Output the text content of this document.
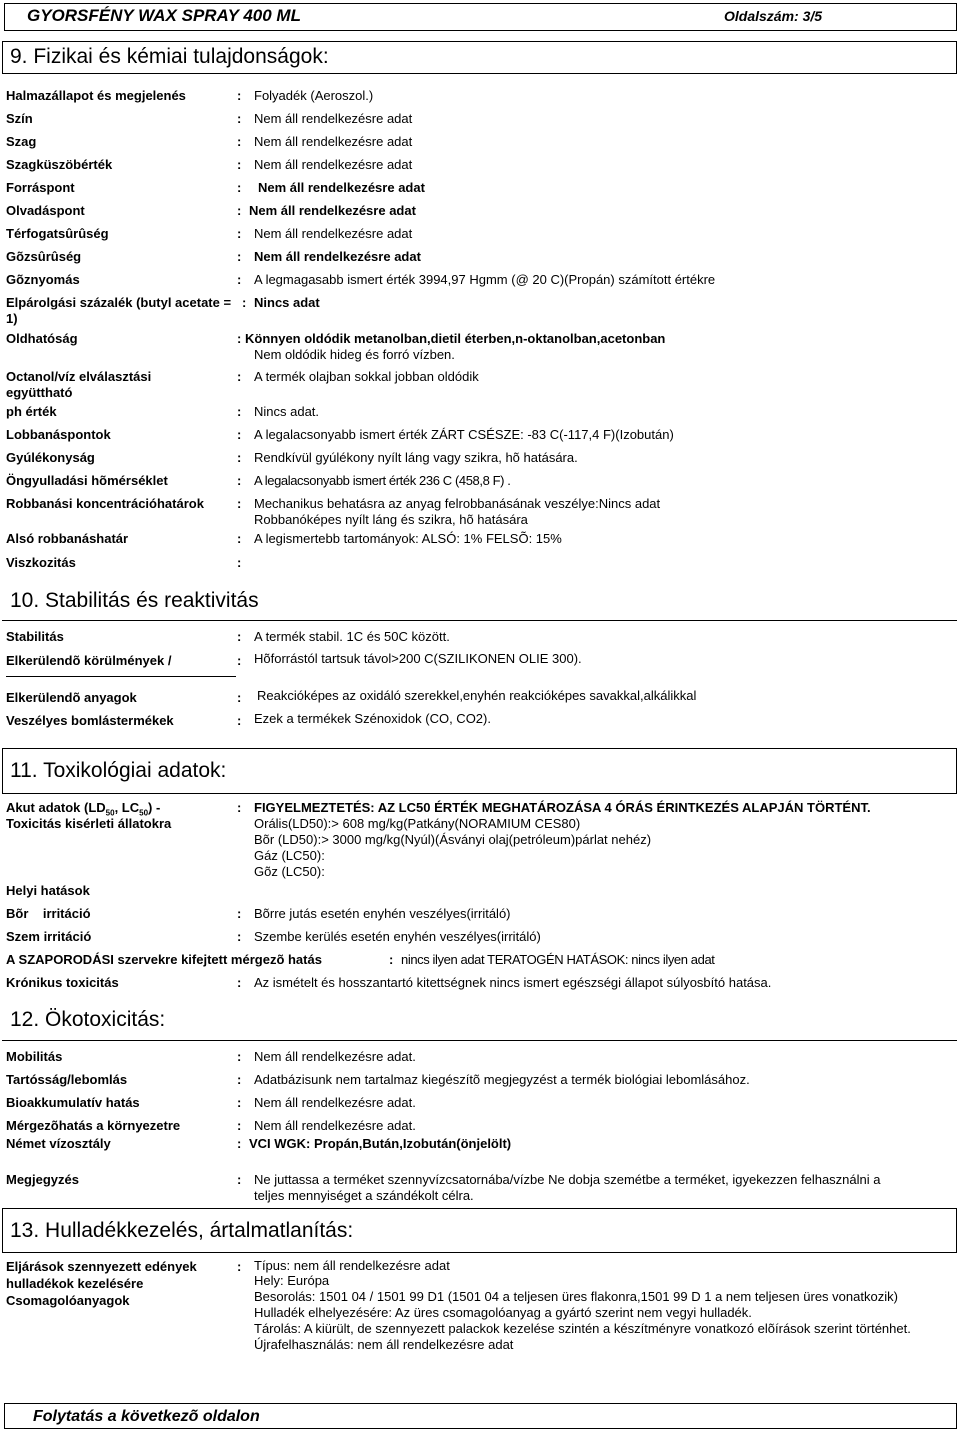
GYORSFÉNY WAX SPRAY 400 ML	Oldalszám: 3/5
9. Fizikai és kémiai tulajdonságok:
Halmazállapot és megjelenés	: Folyadék (Aeroszol.)
Szín	: Nem áll rendelkezésre adat
Szag	: Nem áll rendelkezésre adat
Szagküszöbérték	: Nem áll rendelkezésre adat
Forráspont	: Nem áll rendelkezésre adat
Olvadáspont	: Nem áll rendelkezésre adat
Térfogatsûrûség	: Nem áll rendelkezésre adat
Gõzsûrûség	: Nem áll rendelkezésre adat
Gõznyomás	: A legmagasabb ismert érték 3994,97 Hgmm (@ 20 C)(Propán) számított értékre
Elpárolgási százalék (butyl acetate =
1)
: Nincs adat
Oldhatóság	: Könnyen oldódik metanolban,dietil éterben,n-oktanolban,acetonban
Nem oldódik hideg és forró vízben.
Octanol/víz elválasztási
együttható
: A termék olajban sokkal jobban oldódik
ph érték	: Nincs adat.
Lobbanáspontok	: A legalacsonyabb ismert érték ZÁRT CSÉSZE: -83 C(-117,4 F)(Izobután)
Gyúlékonyság	: Rendkívül gyúlékony nyílt láng vagy szikra, hõ hatására.
Öngyulladási hõmérséklet	: A legalacsonyabb ismert érték 236 C (458,8 F) .
Robbanási koncentrációhatárok	: Mechanikus behatásra az anyag felrobbanásának veszélye:Nincs adat
Robbanóképes nyílt láng és szikra, hõ hatására
Alsó robbanáshatár	: A legismertebb tartományok: ALSÓ: 1% FELSÕ: 15%
Viszkozitás	:
10. Stabilitás és reaktivitás
Stabilitás	: A termék stabil. 1C és 50C között.
Elkerülendõ körülmények /	: Hõforrástól tartsuk távol>200 C(SZILIKONEN OLIE 300).
Elkerülendõ anyagok	: Reakcióképes az oxidáló szerekkel,enyhén reakcióképes savakkal,alkálikkal
Veszélyes bomlástermékek	: Ezek a termékek Szénoxidok (CO, CO2).
11. Toxikológiai adatok:
Akut adatok ($LD_{50}$, $LC_{50}$) -
Toxicitás kisérleti állatokra
: FIGYELMEZTETÉS: AZ LC50 ÉRTÉK MEGHATÁROZÁSA 4 ÓRÁS ÉRINTKEZÉS ALAPJÁN TÖRTÉNT.
Orális(LD50):> 608 mg/kg(Patkány(NORAMIUM CES80)
Bõr (LD50):> 3000 mg/kg(Nyúl)(Ásványi olaj(petróleum)párlat nehéz)
Gáz (LC50):
Gõz (LC50):
Helyi hatások
Bõr irritáció	: Bõrre jutás esetén enyhén veszélyes(irritáló)
Szem irritáció	: Szembe kerülés esetén enyhén veszélyes(irritáló)
A SZAPORODÁSI szervekre kifejtett mérgezõ hatás	: nincs ilyen adat TERATOGÉN HATÁSOK: nincs ilyen adat
Krónikus toxicitás	: Az ismételt és hosszantartó kitettségnek nincs ismert egészségi állapot súlyosbító hatása.
12. Ökotoxicitás:
Mobilitás	: Nem áll rendelkezésre adat.
Tartósság/lebomlás	: Adatbázisunk nem tartalmaz kiegészítõ megjegyzést a termék biológiai lebomlásához.
Bioakkumulatív hatás	: Nem áll rendelkezésre adat.
Mérgezõhatás a környezetre	: Nem áll rendelkezésre adat.
Német vízosztály	: VCI WGK: Propán,Bután,Izobután(önjelölt)
Megjegyzés	: Ne juttassa a terméket szennyvízcsatornába/vízbe Ne dobja szemétbe a terméket, igyekezzen felhasználni a
teljes mennyiséget a szándékolt célra.
13. Hulladékkezelés, ártalmatlanítás:
Eljárások szennyezett edények
hulladékok kezelésére
Csomagolóanyagok
: Típus: nem áll rendelkezésre adat
Hely: Európa
Besorolás: 1501 04 / 1501 99 D1 (1501 04 a teljesen üres flakonra,1501 99 D 1 a nem teljesen üres vonatkozik)
Hulladék elhelyezésére: Az üres csomagolóanyag a gyártó szerint nem vegyi hulladék.
Tárolás: A kiürült, de szennyezett palackok kezelése szintén a készítményre vonatkozó elõírások szerint történhet.
Újrafelhasználás: nem áll rendelkezésre adat
Folytatás a következõ oldalon
